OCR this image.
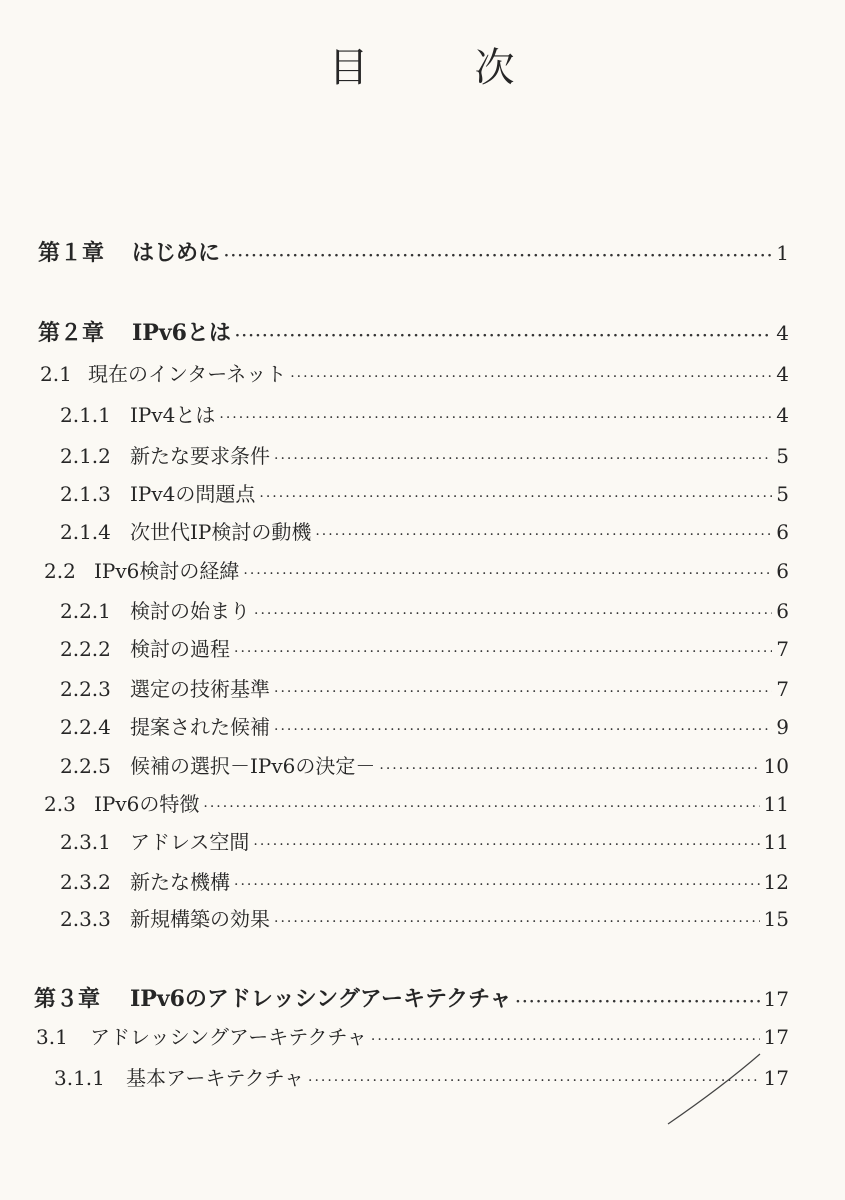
目	次
第１章	はじめに ·····	1
第２章	IPv6とは ·····	4
2.1 現在のインターネット ·····	4
2.1.1 IPv4とは ·····	4
2.1.2 新たな要求条件 ·····	5
2.1.3 IPv4の問題点 ·····	5
2.1.4 次世代IP検討の動機 ·····	6
2.2 IPv6検討の経緯 ·····	6
2.2.1 検討の始まり ·····	6
2.2.2 検討の過程 ·····	7
2.2.3 選定の技術基準 ·····	7
2.2.4 提案された候補 ·····	9
2.2.5 候補の選択－IPv6の決定－ ·····	10
2.3 IPv6の特徴 ·····	11
2.3.1 アドレス空間 ·····	11
2.3.2 新たな機構 ·····	12
2.3.3 新規構築の効果 ·····	15
第３章	IPv6のアドレッシングアーキテクチャ ·····	17
3.1	アドレッシングアーキテクチャ ·····	17
3.1.1	基本アーキテクチャ ·····	17
